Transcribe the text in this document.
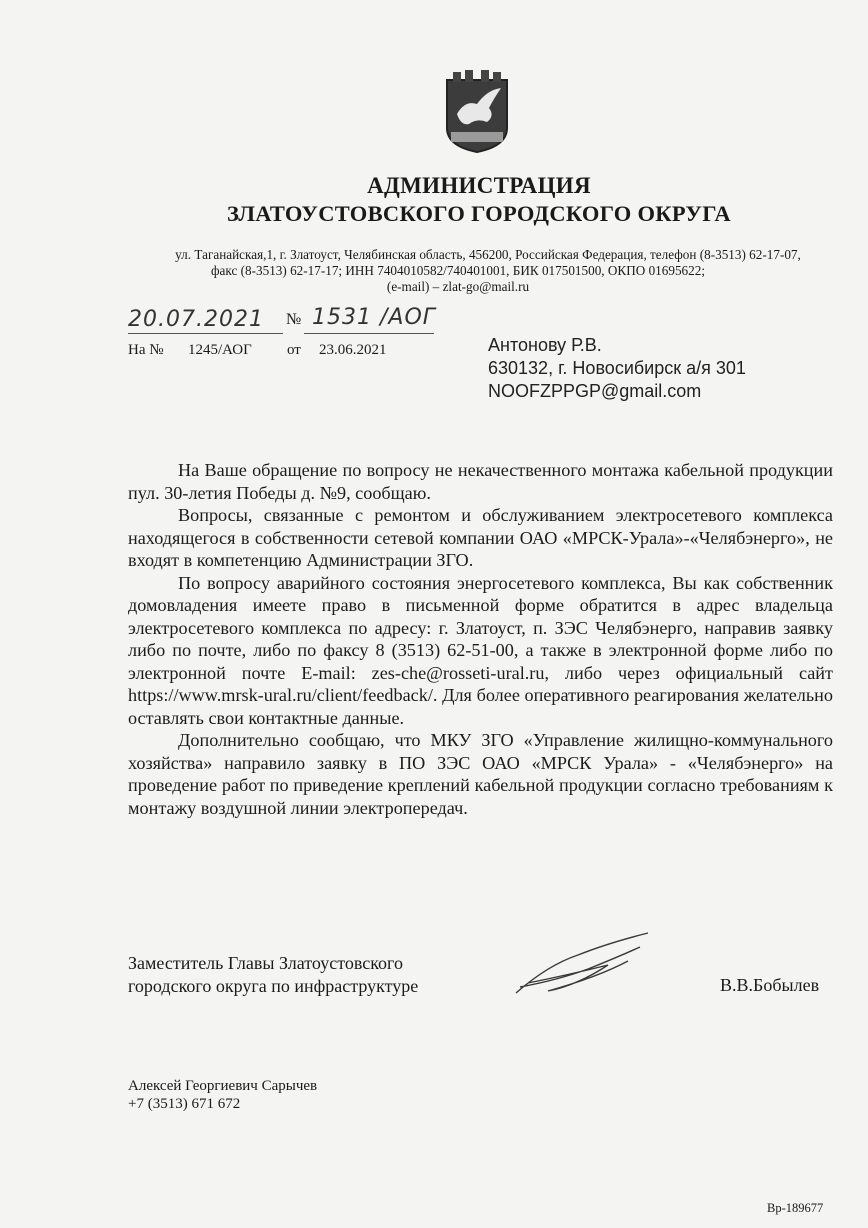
АДМИНИСТРАЦИЯ
ЗЛАТОУСТОВСКОГО ГОРОДСКОГО ОКРУГА
ул. Таганайская,1, г. Златоуст, Челябинская область, 456200, Российская Федерация, телефон (8-3513) 62-17-07,
факс (8-3513) 62-17-17; ИНН 7404010582/740401001, БИК 017501500, ОКПО 01695622;
(e-mail) – zlat-go@mail.ru
20.07.2021 № 1531 /АОГ
На № 1245/АОГ от 23.06.2021	Антонову Р.В.
630132, г. Новосибирск а/я 301
NOOFZPPGP@gmail.com

На Ваше обращение по вопросу не некачественного монтажа кабельной продукции пул. 30-летия Победы д. №9, сообщаю.

Вопросы, связанные с ремонтом и обслуживанием электросетевого комплекса находящегося в собственности сетевой компании ОАО «МРСК-Урала»-«Челябэнерго», не входят в компетенцию Администрации ЗГО.

По вопросу аварийного состояния энергосетевого комплекса, Вы как собственник домовладения имеете право в письменной форме обратится в адрес владельца электросетевого комплекса по адресу: г. Златоуст, п. ЗЭС Челябэнерго, направив заявку либо по почте, либо по факсу 8 (3513) 62-51-00, а также в электронной форме либо по электронной почте E-mail: zes-che@rosseti-ural.ru, либо через официальный сайт https://www.mrsk-ural.ru/client/feedback/. Для более оперативного реагирования желательно оставлять свои контактные данные.

Дополнительно сообщаю, что МКУ ЗГО «Управление жилищно-коммунального хозяйства» направило заявку в ПО ЗЭС ОАО «МРСК Урала» - «Челябэнерго» на проведение работ по приведение креплений кабельной продукции согласно требованиям к монтажу воздушной линии электропередач.

Заместитель Главы Златоустовского
городского округа по инфраструктуре	В.В.Бобылев
Алексей Георгиевич Сарычев
+7 (3513) 671 672
Вр-189677
